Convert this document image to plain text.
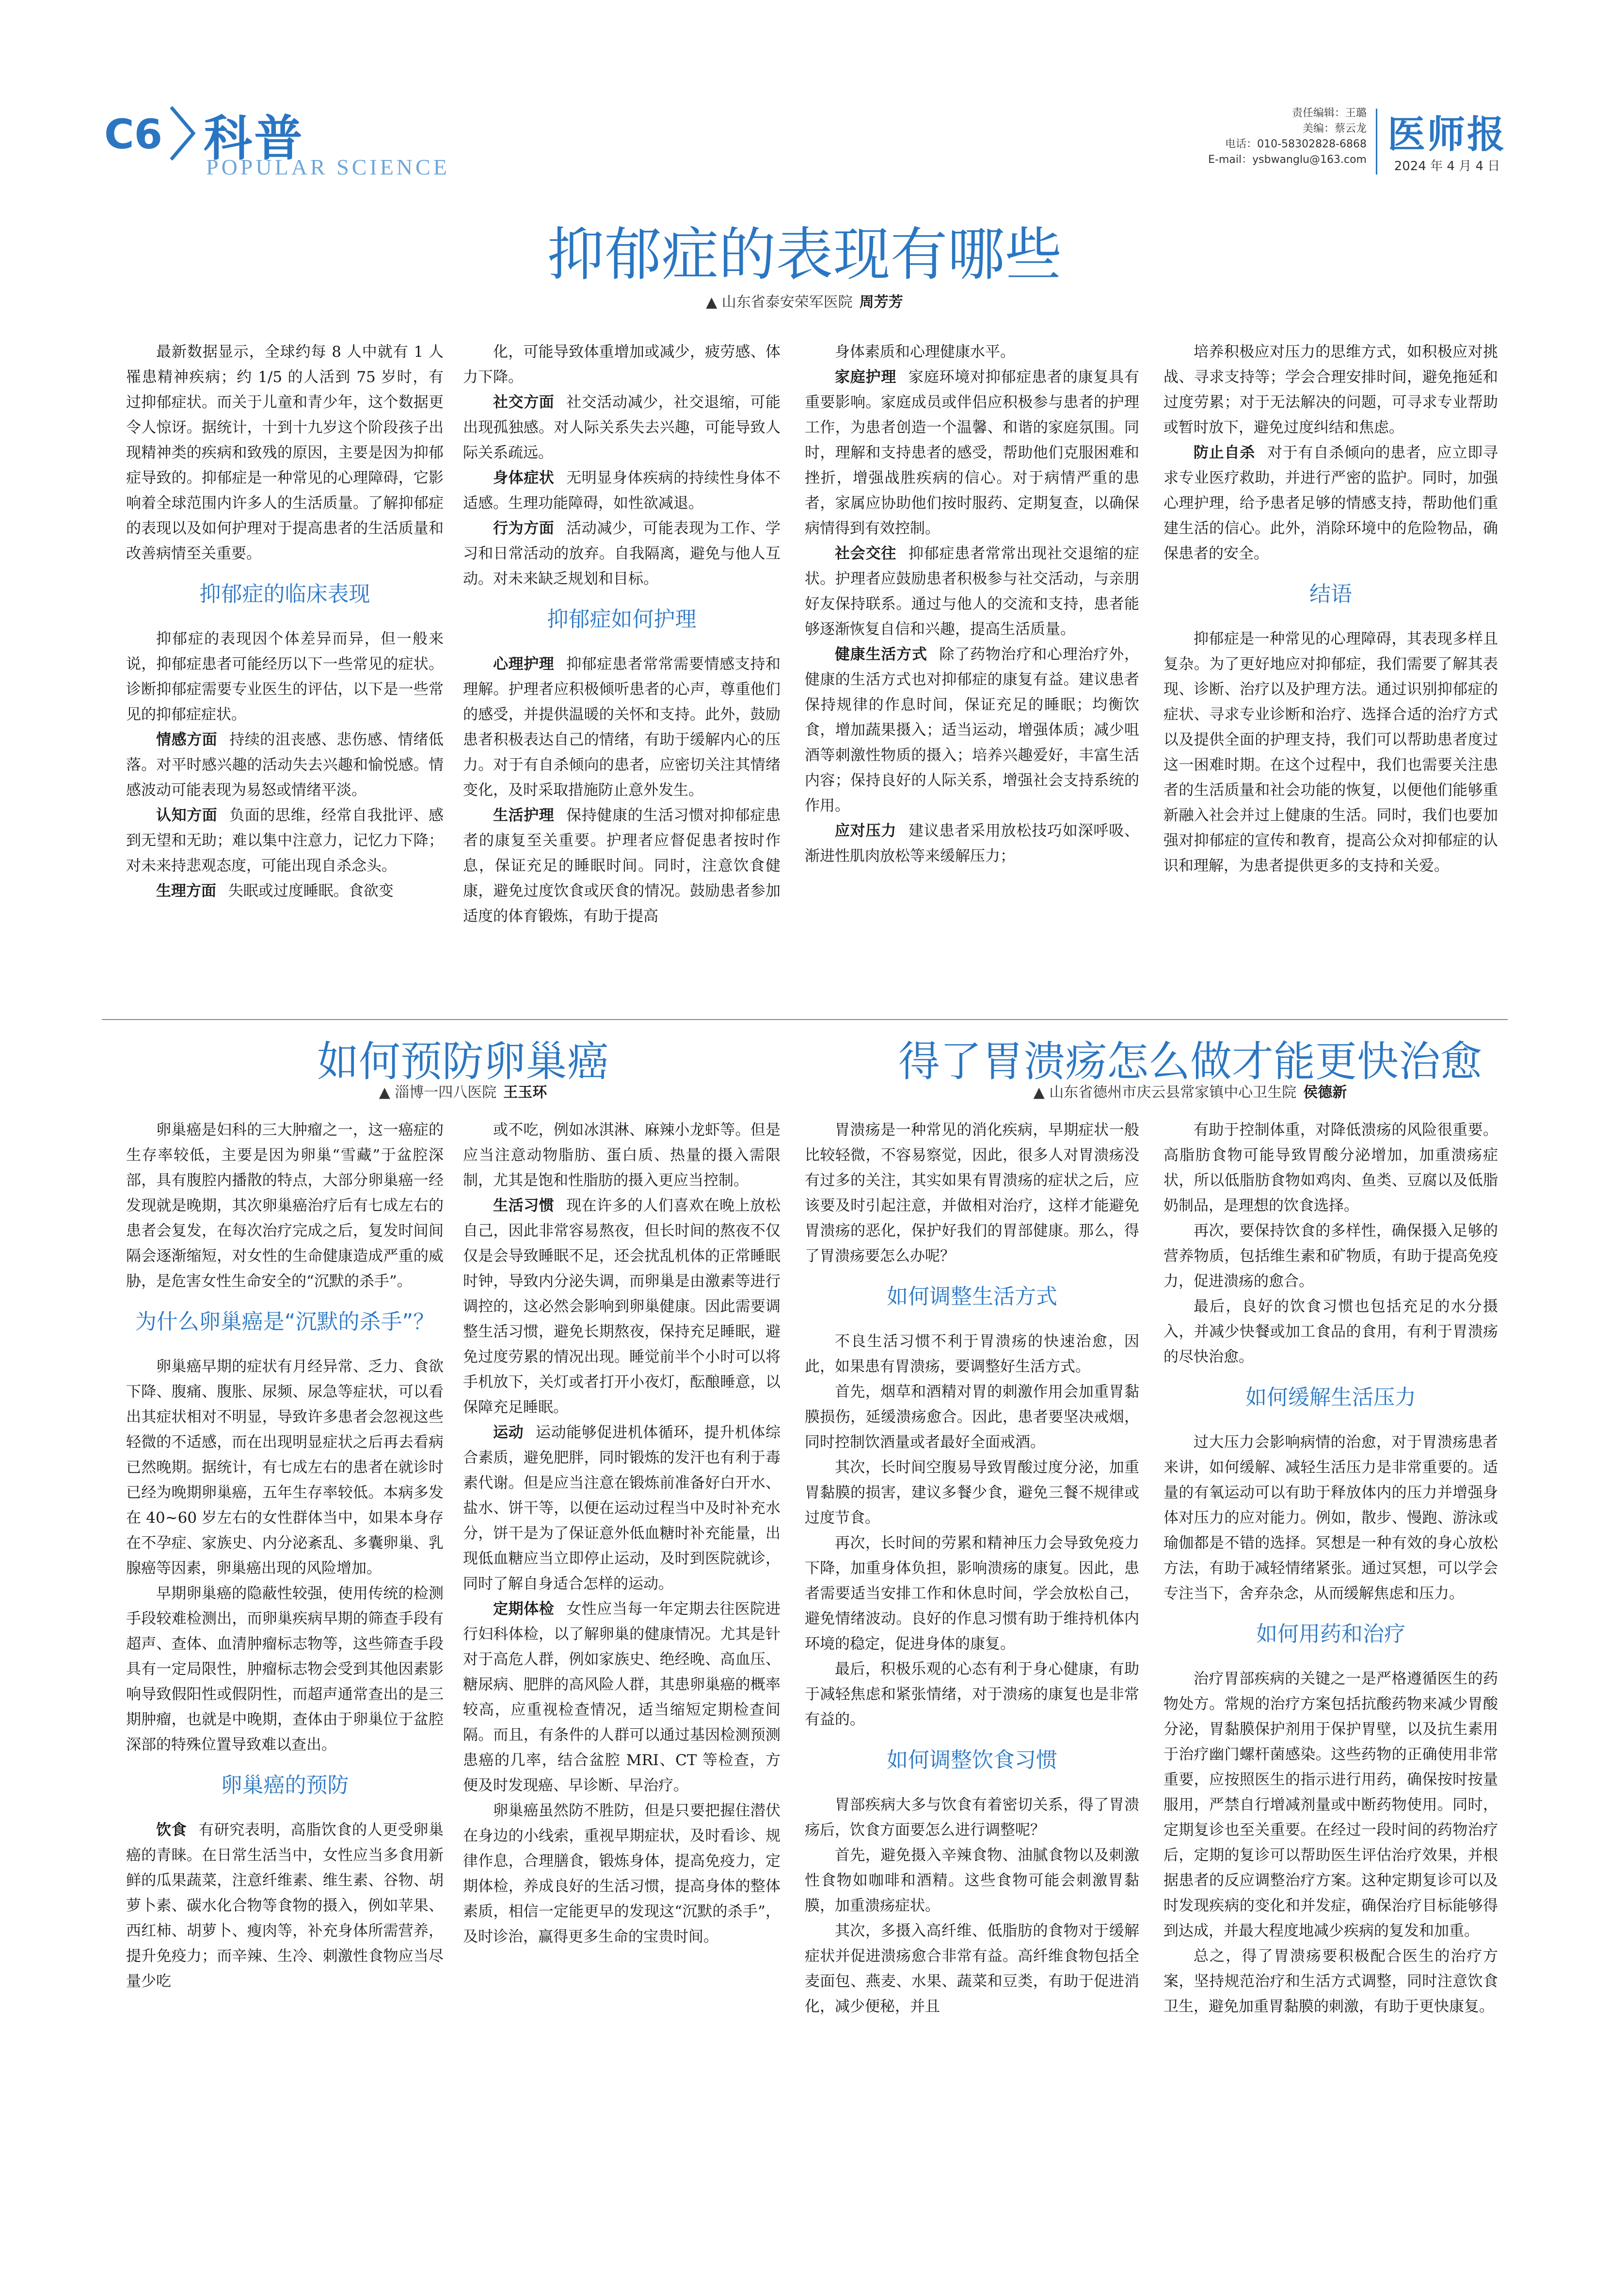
C6 科普
POPULAR SCIENCE
责任编辑：王璐
美编：蔡云龙
电话：010-58302828-6868
E-mail：ysbwanglu@163.com
医师报
2024 年 4 月 4 日
抑郁症的表现有哪些
▲ 山东省泰安荣军医院 周芳芳

最新数据显示，全球约每 8 人中就有 1 人罹患精神疾病；约 1/5 的人活到 75 岁时，有过抑郁症状。而关于儿童和青少年，这个数据更令人惊讶。据统计，十到十九岁这个阶段孩子出现精神类的疾病和致残的原因，主要是因为抑郁症导致的。抑郁症是一种常见的心理障碍，它影响着全球范围内许多人的生活质量。了解抑郁症的表现以及如何护理对于提高患者的生活质量和改善病情至关重要。

抑郁症的临床表现

抑郁症的表现因个体差异而异，但一般来说，抑郁症患者可能经历以下一些常见的症状。诊断抑郁症需要专业医生的评估，以下是一些常见的抑郁症症状。

情感方面 持续的沮丧感、悲伤感、情绪低落。对平时感兴趣的活动失去兴趣和愉悦感。情感波动可能表现为易怒或情绪平淡。

认知方面 负面的思维，经常自我批评、感到无望和无助；难以集中注意力，记忆力下降；对未来持悲观态度，可能出现自杀念头。

生理方面 失眠或过度睡眠。食欲变

化，可能导致体重增加或减少，疲劳感、体力下降。

社交方面 社交活动减少，社交退缩，可能出现孤独感。对人际关系失去兴趣，可能导致人际关系疏远。

身体症状 无明显身体疾病的持续性身体不适感。生理功能障碍，如性欲减退。

行为方面 活动减少，可能表现为工作、学习和日常活动的放弃。自我隔离，避免与他人互动。对未来缺乏规划和目标。

抑郁症如何护理

心理护理 抑郁症患者常常需要情感支持和理解。护理者应积极倾听患者的心声，尊重他们的感受，并提供温暖的关怀和支持。此外，鼓励患者积极表达自己的情绪，有助于缓解内心的压力。对于有自杀倾向的患者，应密切关注其情绪变化，及时采取措施防止意外发生。

生活护理 保持健康的生活习惯对抑郁症患者的康复至关重要。护理者应督促患者按时作息，保证充足的睡眠时间。同时，注意饮食健康，避免过度饮食或厌食的情况。鼓励患者参加适度的体育锻炼，有助于提高

身体素质和心理健康水平。

家庭护理 家庭环境对抑郁症患者的康复具有重要影响。家庭成员或伴侣应积极参与患者的护理工作，为患者创造一个温馨、和谐的家庭氛围。同时，理解和支持患者的感受，帮助他们克服困难和挫折，增强战胜疾病的信心。对于病情严重的患者，家属应协助他们按时服药、定期复查，以确保病情得到有效控制。

社会交往 抑郁症患者常常出现社交退缩的症状。护理者应鼓励患者积极参与社交活动，与亲朋好友保持联系。通过与他人的交流和支持，患者能够逐渐恢复自信和兴趣，提高生活质量。

健康生活方式 除了药物治疗和心理治疗外，健康的生活方式也对抑郁症的康复有益。建议患者保持规律的作息时间，保证充足的睡眠；均衡饮食，增加蔬果摄入；适当运动，增强体质；减少咀酒等刺激性物质的摄入；培养兴趣爱好，丰富生活内容；保持良好的人际关系，增强社会支持系统的作用。

应对压力 建议患者采用放松技巧如深呼吸、渐进性肌肉放松等来缓解压力；

培养积极应对压力的思维方式，如积极应对挑战、寻求支持等；学会合理安排时间，避免拖延和过度劳累；对于无法解决的问题，可寻求专业帮助或暂时放下，避免过度纠结和焦虑。

防止自杀 对于有自杀倾向的患者，应立即寻求专业医疗救助，并进行严密的监护。同时，加强心理护理，给予患者足够的情感支持，帮助他们重建生活的信心。此外，消除环境中的危险物品，确保患者的安全。

结语

抑郁症是一种常见的心理障碍，其表现多样且复杂。为了更好地应对抑郁症，我们需要了解其表现、诊断、治疗以及护理方法。通过识别抑郁症的症状、寻求专业诊断和治疗、选择合适的治疗方式以及提供全面的护理支持，我们可以帮助患者度过这一困难时期。在这个过程中，我们也需要关注患者的生活质量和社会功能的恢复，以便他们能够重新融入社会并过上健康的生活。同时，我们也要加强对抑郁症的宣传和教育，提高公众对抑郁症的认识和理解，为患者提供更多的支持和关爱。

如何预防卵巢癌
▲ 淄博一四八医院 王玉环

卵巢癌是妇科的三大肿瘤之一，这一癌症的生存率较低，主要是因为卵巢“雪藏”于盆腔深部，具有腹腔内播散的特点，大部分卵巢癌一经发现就是晚期，其次卵巢癌治疗后有七成左右的患者会复发，在每次治疗完成之后，复发时间间隔会逐渐缩短，对女性的生命健康造成严重的威胁，是危害女性生命安全的“沉默的杀手”。

为什么卵巢癌是“沉默的杀手”？

卵巢癌早期的症状有月经异常、乏力、食欲下降、腹痛、腹胀、尿频、尿急等症状，可以看出其症状相对不明显，导致许多患者会忽视这些轻微的不适感，而在出现明显症状之后再去看病已然晚期。据统计，有七成左右的患者在就诊时已经为晚期卵巢癌，五年生存率较低。本病多发在 40~60 岁左右的女性群体当中，如果本身存在不孕症、家族史、内分泌紊乱、多囊卵巢、乳腺癌等因素，卵巢癌出现的风险增加。

早期卵巢癌的隐蔽性较强，使用传统的检测手段较难检测出，而卵巢疾病早期的筛查手段有超声、查体、血清肿瘤标志物等，这些筛查手段具有一定局限性，肿瘤标志物会受到其他因素影响导致假阳性或假阴性，而超声通常查出的是三期肿瘤，也就是中晚期，查体由于卵巢位于盆腔深部的特殊位置导致难以查出。

卵巢癌的预防

饮食 有研究表明，高脂饮食的人更受卵巢癌的青睐。在日常生活当中，女性应当多食用新鲜的瓜果蔬菜，注意纤维素、维生素、谷物、胡萝卜素、碳水化合物等食物的摄入，例如苹果、西红柿、胡萝卜、瘦肉等，补充身体所需营养，提升免疫力；而辛辣、生冷、刺激性食物应当尽量少吃

或不吃，例如冰淇淋、麻辣小龙虾等。但是应当注意动物脂肪、蛋白质、热量的摄入需限制，尤其是饱和性脂肪的摄入更应当控制。

生活习惯 现在许多的人们喜欢在晚上放松自己，因此非常容易熬夜，但长时间的熬夜不仅仅是会导致睡眠不足，还会扰乱机体的正常睡眠时钟，导致内分泌失调，而卵巢是由激素等进行调控的，这必然会影响到卵巢健康。因此需要调整生活习惯，避免长期熬夜，保持充足睡眠，避免过度劳累的情况出现。睡觉前半个小时可以将手机放下，关灯或者打开小夜灯，酝酿睡意，以保障充足睡眠。

运动 运动能够促进机体循环，提升机体综合素质，避免肥胖，同时锻炼的发汗也有利于毒素代谢。但是应当注意在锻炼前准备好白开水、盐水、饼干等，以便在运动过程当中及时补充水分，饼干是为了保证意外低血糖时补充能量，出现低血糖应当立即停止运动，及时到医院就诊，同时了解自身适合怎样的运动。

定期体检 女性应当每一年定期去往医院进行妇科体检，以了解卵巢的健康情况。尤其是针对于高危人群，例如家族史、绝经晚、高血压、糖尿病、肥胖的高风险人群，其患卵巢癌的概率较高，应重视检查情况，适当缩短定期检查间隔。而且，有条件的人群可以通过基因检测预测患癌的几率，结合盆腔 MRI、CT 等检查，方便及时发现癌、早诊断、早治疗。

卵巢癌虽然防不胜防，但是只要把握住潜伏在身边的小线索，重视早期症状，及时看诊、规律作息，合理膳食，锻炼身体，提高免疫力，定期体检，养成良好的生活习惯，提高身体的整体素质，相信一定能更早的发现这“沉默的杀手”，及时诊治，赢得更多生命的宝贵时间。

得了胃溃疡怎么做才能更快治愈
▲ 山东省德州市庆云县常家镇中心卫生院 侯德新

胃溃疡是一种常见的消化疾病，早期症状一般比较轻微，不容易察觉，因此，很多人对胃溃疡没有过多的关注，其实如果有胃溃疡的症状之后，应该要及时引起注意，并做相对治疗，这样才能避免胃溃疡的恶化，保护好我们的胃部健康。那么，得了胃溃疡要怎么办呢？

如何调整生活方式

不良生活习惯不利于胃溃疡的快速治愈，因此，如果患有胃溃疡，要调整好生活方式。

首先，烟草和酒精对胃的刺激作用会加重胃黏膜损伤，延缓溃疡愈合。因此，患者要坚决戒烟，同时控制饮酒量或者最好全面戒酒。

其次，长时间空腹易导致胃酸过度分泌，加重胃黏膜的损害，建议多餐少食，避免三餐不规律或过度节食。

再次，长时间的劳累和精神压力会导致免疫力下降，加重身体负担，影响溃疡的康复。因此，患者需要适当安排工作和休息时间，学会放松自己，避免情绪波动。良好的作息习惯有助于维持机体内环境的稳定，促进身体的康复。

最后，积极乐观的心态有利于身心健康，有助于减轻焦虑和紧张情绪，对于溃疡的康复也是非常有益的。

如何调整饮食习惯

胃部疾病大多与饮食有着密切关系，得了胃溃疡后，饮食方面要怎么进行调整呢？

首先，避免摄入辛辣食物、油腻食物以及刺激性食物如咖啡和酒精。这些食物可能会刺激胃黏膜，加重溃疡症状。

其次，多摄入高纤维、低脂肪的食物对于缓解症状并促进溃疡愈合非常有益。高纤维食物包括全麦面包、燕麦、水果、蔬菜和豆类，有助于促进消化，减少便秘，并且

有助于控制体重，对降低溃疡的风险很重要。高脂肪食物可能导致胃酸分泌增加，加重溃疡症状，所以低脂肪食物如鸡肉、鱼类、豆腐以及低脂奶制品，是理想的饮食选择。

再次，要保持饮食的多样性，确保摄入足够的营养物质，包括维生素和矿物质，有助于提高免疫力，促进溃疡的愈合。

最后，良好的饮食习惯也包括充足的水分摄入，并减少快餐或加工食品的食用，有利于胃溃疡的尽快治愈。

如何缓解生活压力

过大压力会影响病情的治愈，对于胃溃疡患者来讲，如何缓解、减轻生活压力是非常重要的。适量的有氧运动可以有助于释放体内的压力并增强身体对压力的应对能力。例如，散步、慢跑、游泳或瑜伽都是不错的选择。冥想是一种有效的身心放松方法，有助于减轻情绪紧张。通过冥想，可以学会专注当下，舍弃杂念，从而缓解焦虑和压力。

如何用药和治疗

治疗胃部疾病的关键之一是严格遵循医生的药物处方。常规的治疗方案包括抗酸药物来减少胃酸分泌，胃黏膜保护剂用于保护胃壁，以及抗生素用于治疗幽门螺杆菌感染。这些药物的正确使用非常重要，应按照医生的指示进行用药，确保按时按量服用，严禁自行增减剂量或中断药物使用。同时，定期复诊也至关重要。在经过一段时间的药物治疗后，定期的复诊可以帮助医生评估治疗效果，并根据患者的反应调整治疗方案。这种定期复诊可以及时发现疾病的变化和并发症，确保治疗目标能够得到达成，并最大程度地减少疾病的复发和加重。

总之，得了胃溃疡要积极配合医生的治疗方案，坚持规范治疗和生活方式调整，同时注意饮食卫生，避免加重胃黏膜的刺激，有助于更快康复。
